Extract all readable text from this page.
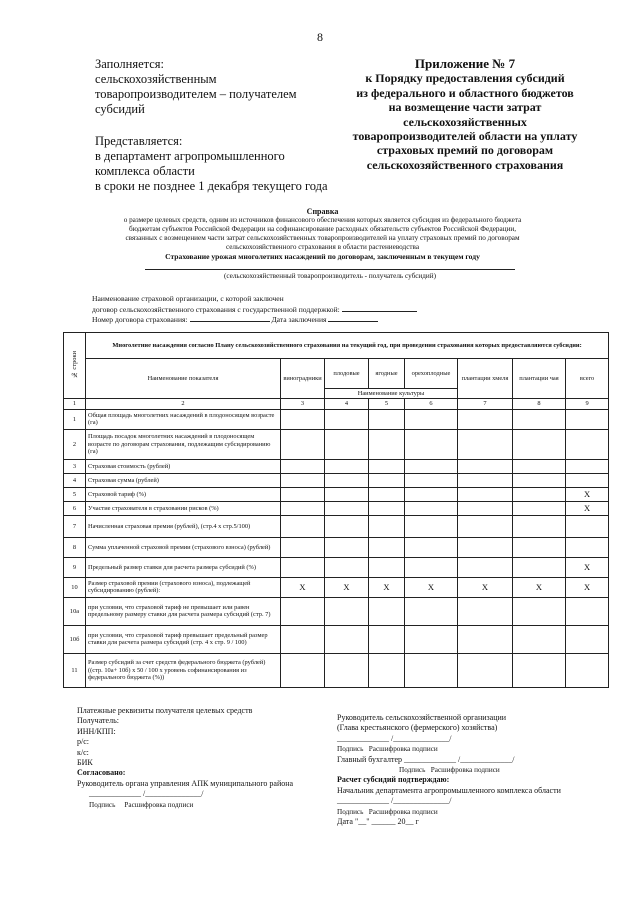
8
Заполняется:
сельскохозяйственным
товаропроизводителем – получателем
субсидий
Представляется:
в департамент агропромышленного
комплекса области
в сроки не позднее 1 декабря текущего года
Приложение № 7
к Порядку предоставления субсидий
из федерального и областного бюджетов
на возмещение части затрат
сельскохозяйственных
товаропроизводителей области на уплату
страховых премий по договорам
сельскохозяйственного страхования
Справка
о размере целевых средств, одним из источников финансового обеспечения которых является субсидия из федерального бюджета
бюджетам субъектов Российской Федерации на софинансирование расходных обязательств субъектов Российской Федерации,
связанных с возмещением части затрат сельскохозяйственных товаропроизводителей на уплату страховых премий по договорам
сельскохозяйственного страхования в области растениеводства
Страхование урожая многолетних насаждений по договорам, заключенным в текущем году
(сельскохозяйственный товаропроизводитель - получатель субсидий)
Наименование страховой организации, с которой заключен
договор сельскохозяйственного страхования с государственной поддержкой:
Номер договора страхования:	Дата заключения
№ строки	Многолетние насаждения согласно Плану сельскохозяйственного страхования на текущий год, при проведении страхования которых предоставляются субсидии:							
	Наименование показателя	виноградники	плодовые	ягодные	орехоплодные	плантации хмеля	плантации чая	всего
			Наименование культуры					
1	2	3	4	5	6	7	8	9
1	Общая площадь многолетних насаждений в плодоносящем возрасте (га)							
2	Площадь посадок многолетних насаждений в плодоносящем возрасте по договорам страхования, подлежащим субсидированию (га)							
3	Страховая стоимость (рублей)							
4	Страховая сумма (рублей)							
5	Страховой тариф (%)							X
6	Участие страхователя в страховании рисков (%)							X
7	Начисленная страховая премия (рублей), (стр.4 x стр.5/100)							
8	Сумма уплаченной страховой премии (страхового взноса) (рублей)							
9	Предельный размер ставки для расчета размера субсидий (%)							X
10	Размер страховой премии (страхового взноса), подлежащей субсидированию (рублей):	X	X	X	X	X	X	X
10а	при условии, что страховой тариф не превышает или равен предельному размеру ставки для расчета размера субсидий (стр. 7)							
10б	при условии, что страховой тариф превышает предельный размер ставки для расчета размера субсидий (стр. 4 x стр. 9 / 100)							
11	Размер субсидий за счет средств федерального бюджета (рублей) ((стр. 10а+ 10б) x 50 / 100 x уровень софинансирования из федерального бюджета (%))							
Платежные реквизиты получателя целевых средств
Получатель:
ИНН/КПП:
р/с:
к/с:
БИК
Согласовано:
Руководитель органа управления АПК муниципального района
_____________ /______________/
Подпись Расшифровка подписи
Руководитель сельскохозяйственной организации
(Глава крестьянского (фермерского) хозяйства)
_____________ /______________/
Подпись Расшифровка подписи
Главный бухгалтер _____________ /_____________/
Подпись Расшифровка подписи
Расчет субсидий подтверждаю:
Начальник департамента агропромышленного комплекса области
_____________ /______________/
Подпись Расшифровка подписи
Дата "__" ______ 20__ г
